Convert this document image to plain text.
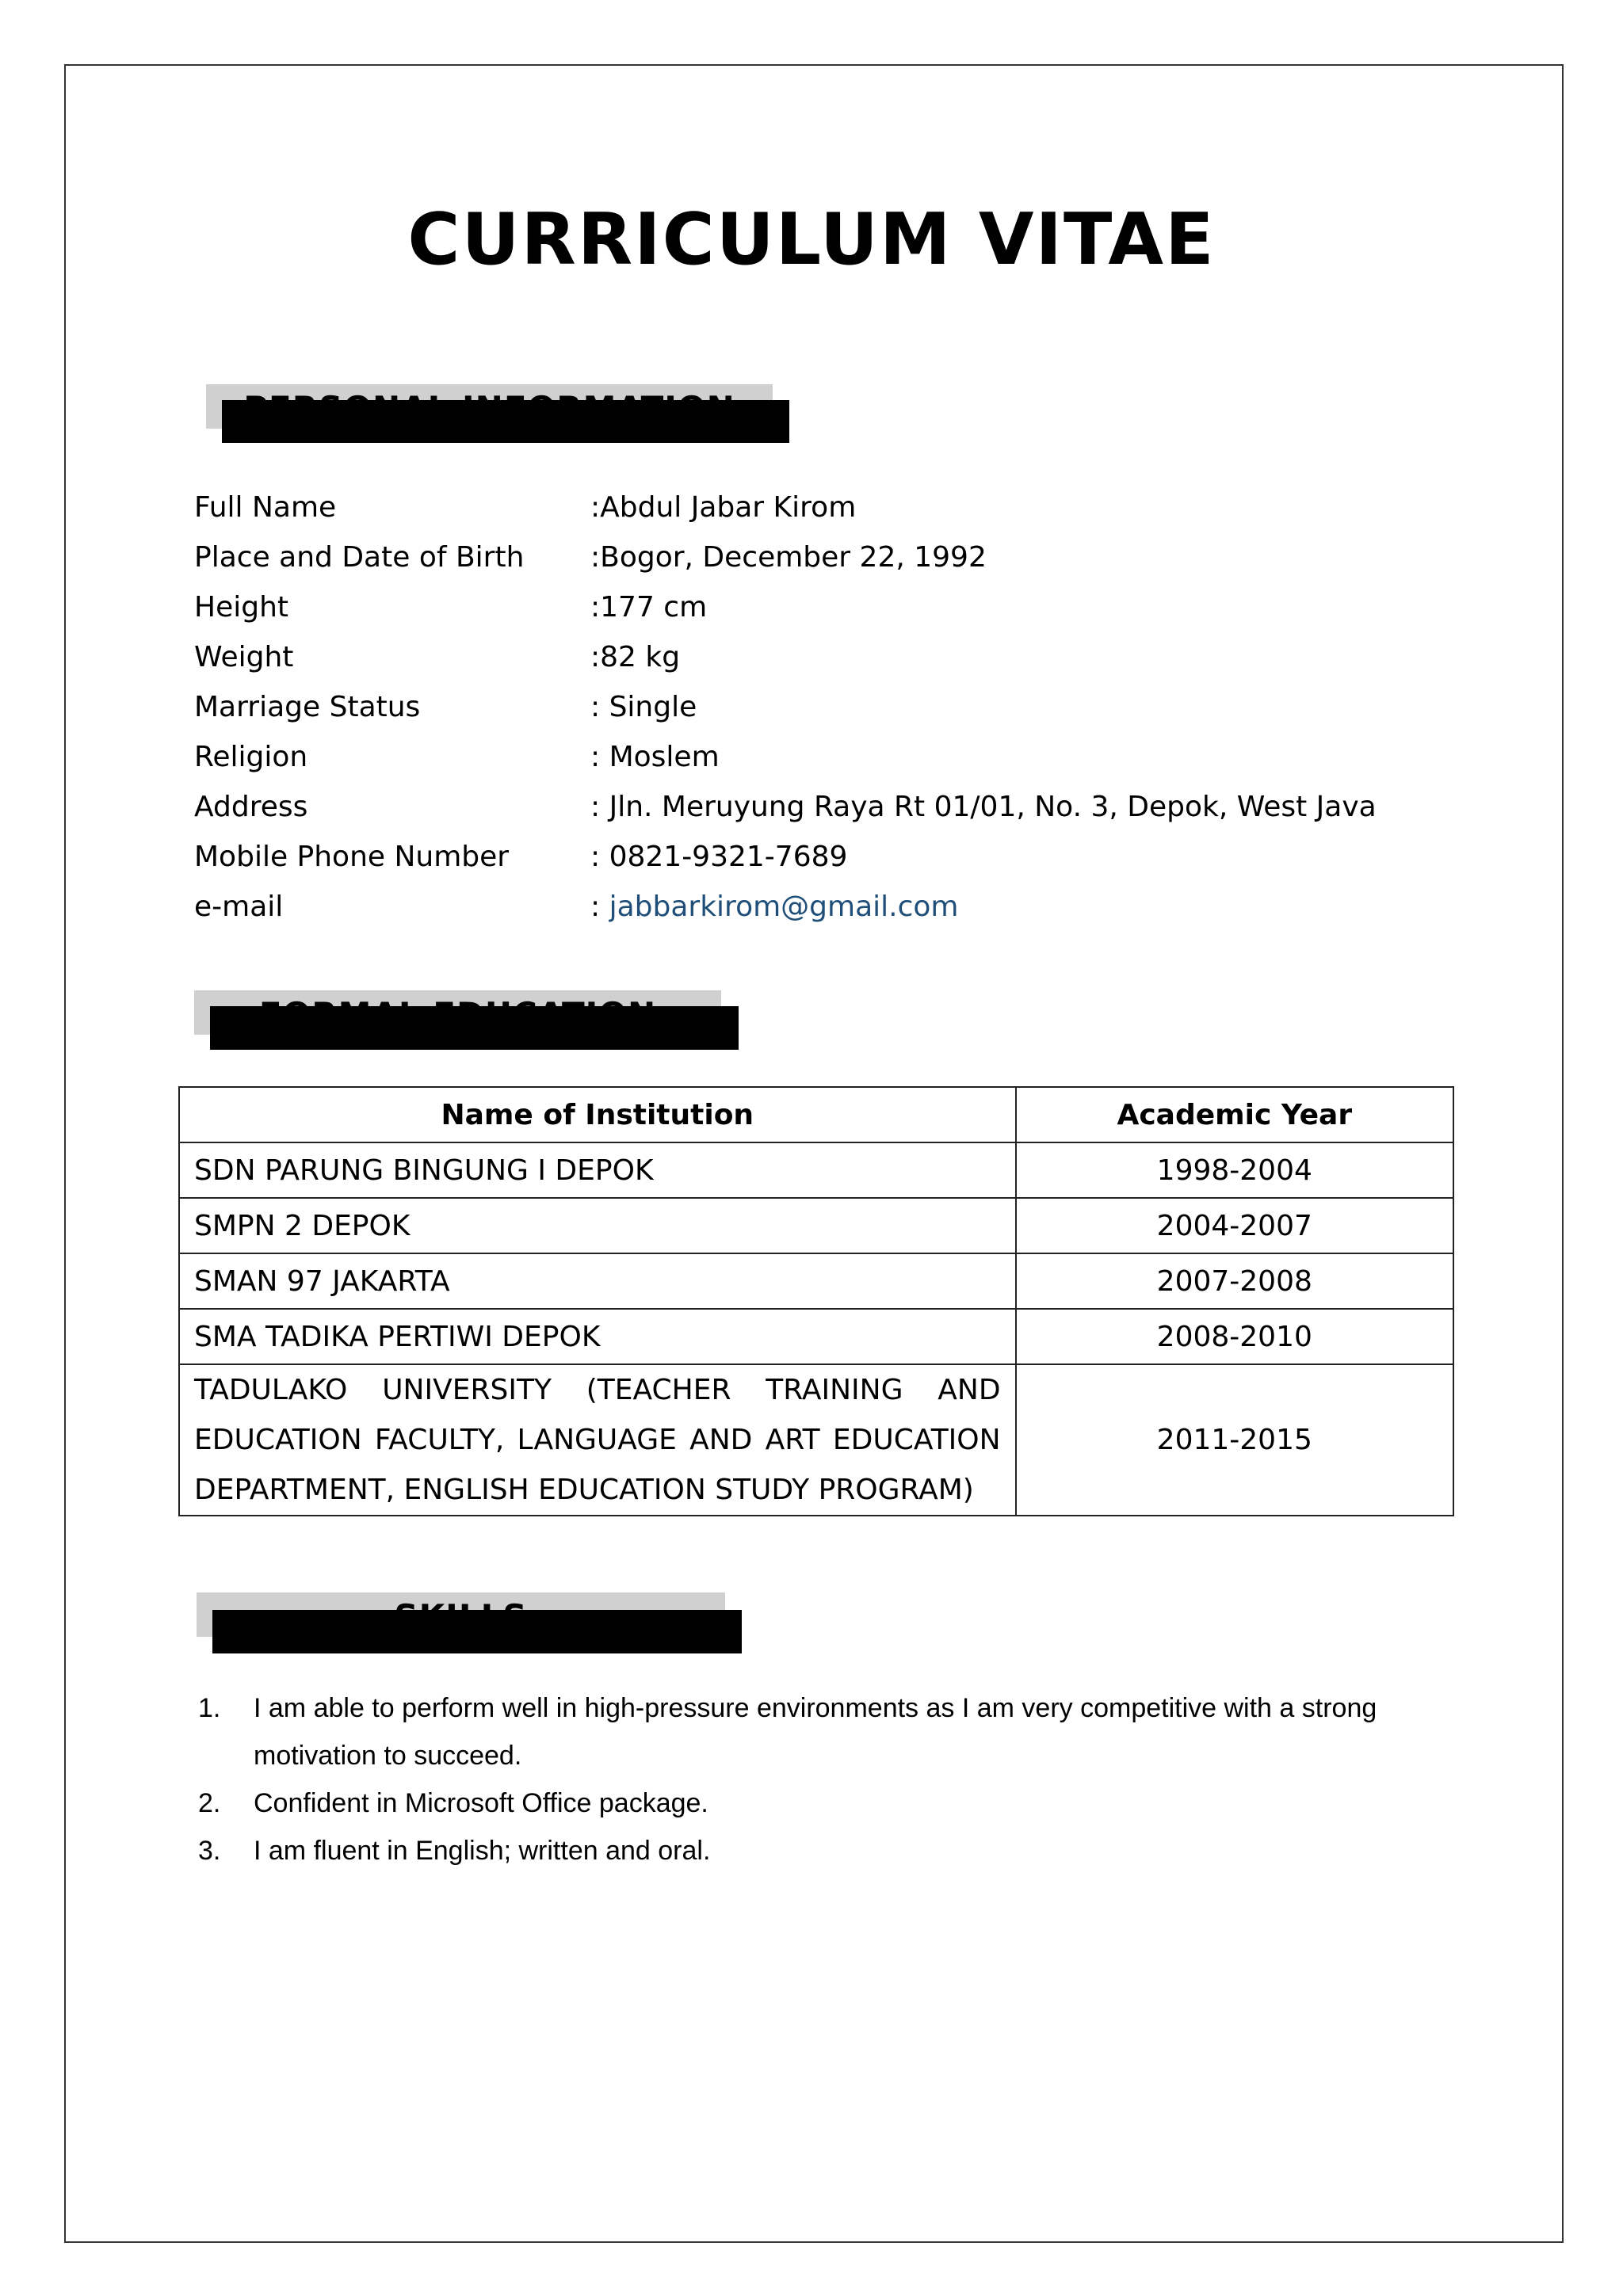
CURRICULUM VITAE
Full Name	:Abdul Jabar Kirom
Place and Date of Birth :Bogor, December 22, 1992
Height	:177 cm
Weight	:82 kg
Marriage Status	: Single
Religion	: Moslem
Address	: Jln. Meruyung Raya Rt 01/01, No. 3, Depok, West Java
Mobile Phone Number	: 0821-9321-7689
e-mail	: jabbarkirom@gmail.com
Name of Institution	Academic Year
SDN PARUNG BINGUNG I DEPOK	1998-2004
SMPN 2 DEPOK	2004-2007
SMAN 97 JAKARTA	2007-2008
SMA TADIKA PERTIWI DEPOK	2008-2010
TADULAKO UNIVERSITY (TEACHER TRAINING AND EDUCATION FACULTY, LANGUAGE AND ART EDUCATION DEPARTMENT, ENGLISH EDUCATION STUDY PROGRAM)	2011-2015
1. I am able to perform well in high-pressure environments as I am very competitive with a strong motivation to succeed.
2. Confident in Microsoft Office package.
3. I am fluent in English; written and oral.
